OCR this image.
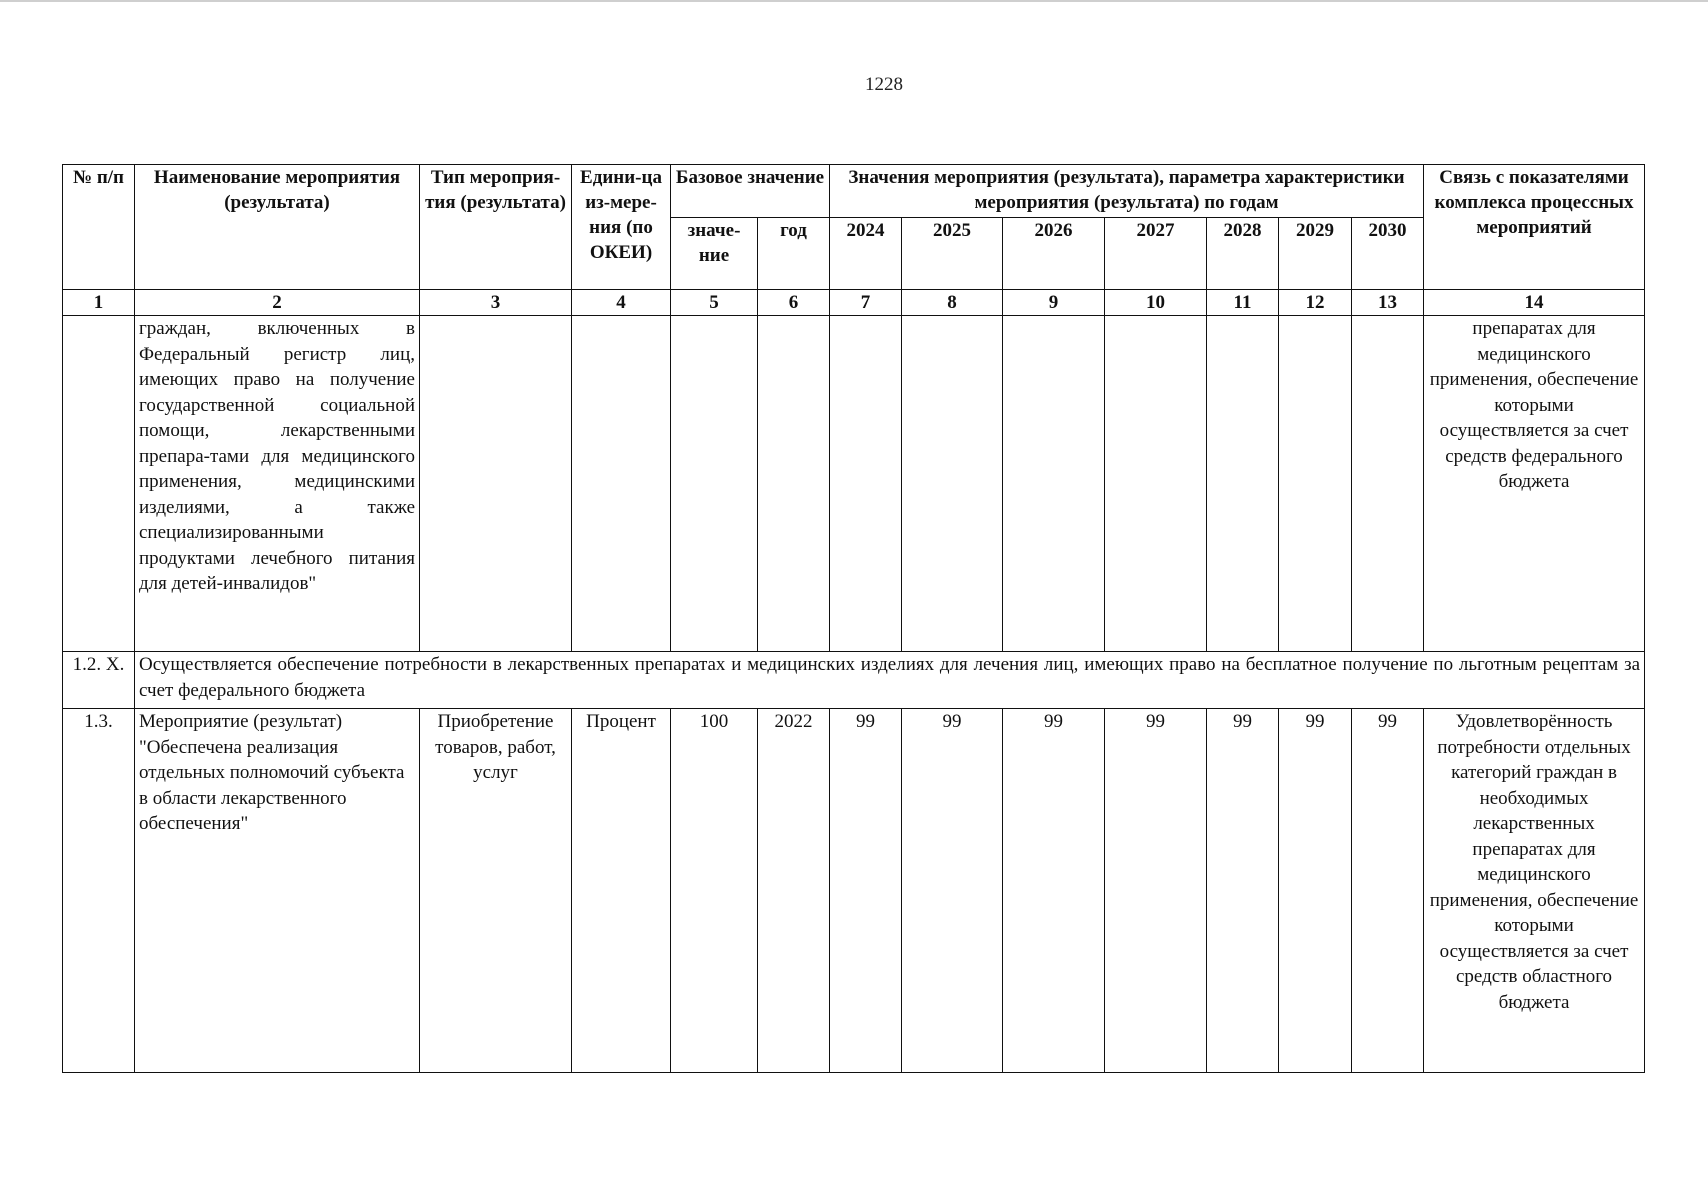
1228
№ п/п	Наименование мероприятия (результата)	Тип мероприя-тия (результата)	Едини-ца из-мере-ния (по ОКЕИ)	Базовое значение		Значения мероприятия (результата), параметра характеристики мероприятия (результата) по годам							Связь с показателями комплекса процессных мероприятий
				значе-ние	год	2024	2025	2026	2027	2028	2029	2030	
1	2	3	4	5	6	7	8	9	10	11	12	13	14
	граждан, включенных в Федеральный регистр лиц, имеющих право на получение государственной социальной помощи, лекарственными препара-тами для медицинского применения, медицинскими изделиями, а также специализированными продуктами лечебного питания для детей-инвалидов"												препаратах для медицинского применения, обеспечение которыми осуществляется за счет средств федерального бюджета
1.2. X.	Осуществляется обеспечение потребности в лекарственных препаратах и медицинских изделиях для лечения лиц, имеющих право на бесплатное получение по льготным рецептам за счет федерального бюджета												
1.3.	Мероприятие (результат) "Обеспечена реализация отдельных полномочий субъекта в области лекарственного обеспечения"	Приобретение товаров, работ, услуг	Процент	100	2022	99	99	99	99	99	99	99	Удовлетворённость потребности отдельных категорий граждан в необходимых лекарственных препаратах для медицинского применения, обеспечение которыми осуществляется за счет средств областного бюджета
